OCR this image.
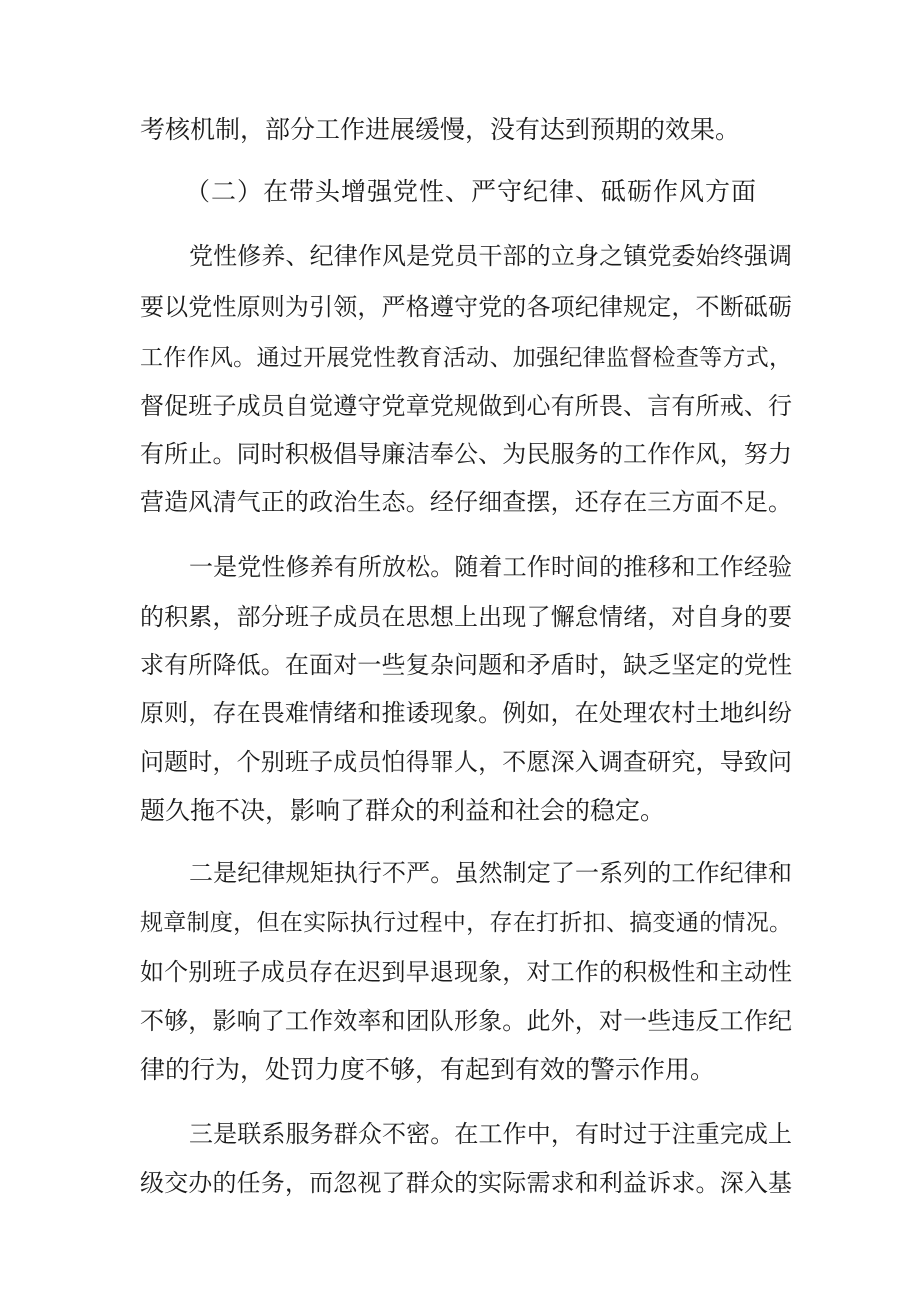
考核机制，部分工作进展缓慢，没有达到预期的效果。
（二）在带头增强党性、严守纪律、砥砺作风方面
党性修养、纪律作风是党员干部的立身之镇党委始终强调
要以党性原则为引领，严格遵守党的各项纪律规定，不断砥砺
工作作风。通过开展党性教育活动、加强纪律监督检查等方式，
督促班子成员自觉遵守党章党规做到心有所畏、言有所戒、行
有所止。同时积极倡导廉洁奉公、为民服务的工作作风，努力
营造风清气正的政治生态。经仔细查摆，还存在三方面不足。
一是党性修养有所放松。随着工作时间的推移和工作经验
的积累，部分班子成员在思想上出现了懈怠情绪，对自身的要
求有所降低。在面对一些复杂问题和矛盾时，缺乏坚定的党性
原则，存在畏难情绪和推诿现象。例如，在处理农村土地纠纷
问题时，个别班子成员怕得罪人，不愿深入调查研究，导致问
题久拖不决，影响了群众的利益和社会的稳定。
二是纪律规矩执行不严。虽然制定了一系列的工作纪律和
规章制度，但在实际执行过程中，存在打折扣、搞变通的情况。
如个别班子成员存在迟到早退现象，对工作的积极性和主动性
不够，影响了工作效率和团队形象。此外，对一些违反工作纪
律的行为，处罚力度不够，有起到有效的警示作用。
三是联系服务群众不密。在工作中，有时过于注重完成上
级交办的任务，而忽视了群众的实际需求和利益诉求。深入基
